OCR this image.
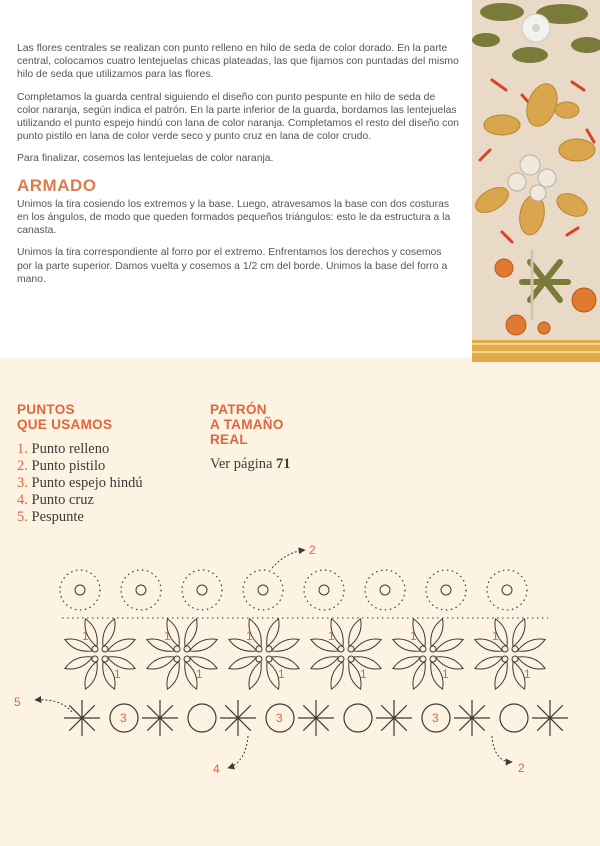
Las flores centrales se realizan con punto relleno en hilo de seda de color dorado. En la parte central, colocamos cuatro lentejuelas chicas plateadas, las que fijamos con puntadas del mismo hilo de seda que utilizamos para las flores.

Completamos la guarda central siguiendo el diseño con punto pespunte en hilo de seda de color naranja, según indica el patrón. En la parte inferior de la guarda, bordamos las lentejuelas utilizando el punto espejo hindú con lana de color naranja. Completamos el resto del diseño con punto pistilo en lana de color verde seco y punto cruz en lana de color crudo.

Para finalizar, cosemos las lentejuelas de color naranja.

ARMADO

Unimos la tira cosiendo los extremos y la base. Luego, atravesamos la base con dos costuras en los ángulos, de modo que queden formados pequeños triángulos: esto le da estructura a la canasta.

Unimos la tira correspondiente al forro por el extremo. Enfrentamos los derechos y cosemos por la parte superior. Damos vuelta y cosemos a 1/2 cm del borde. Unimos la base del forro a mano.

PUNTOS
QUE USAMOS
1. Punto relleno
2. Punto pistilo
3. Punto espejo hindú
4. Punto cruz
5. Pespunte
PATRÓN
A TAMAÑO
REAL
Ver página 71
1
1
1
1
1
1
1
1
1
1
1
1
3	3	3
2
5
4	2
